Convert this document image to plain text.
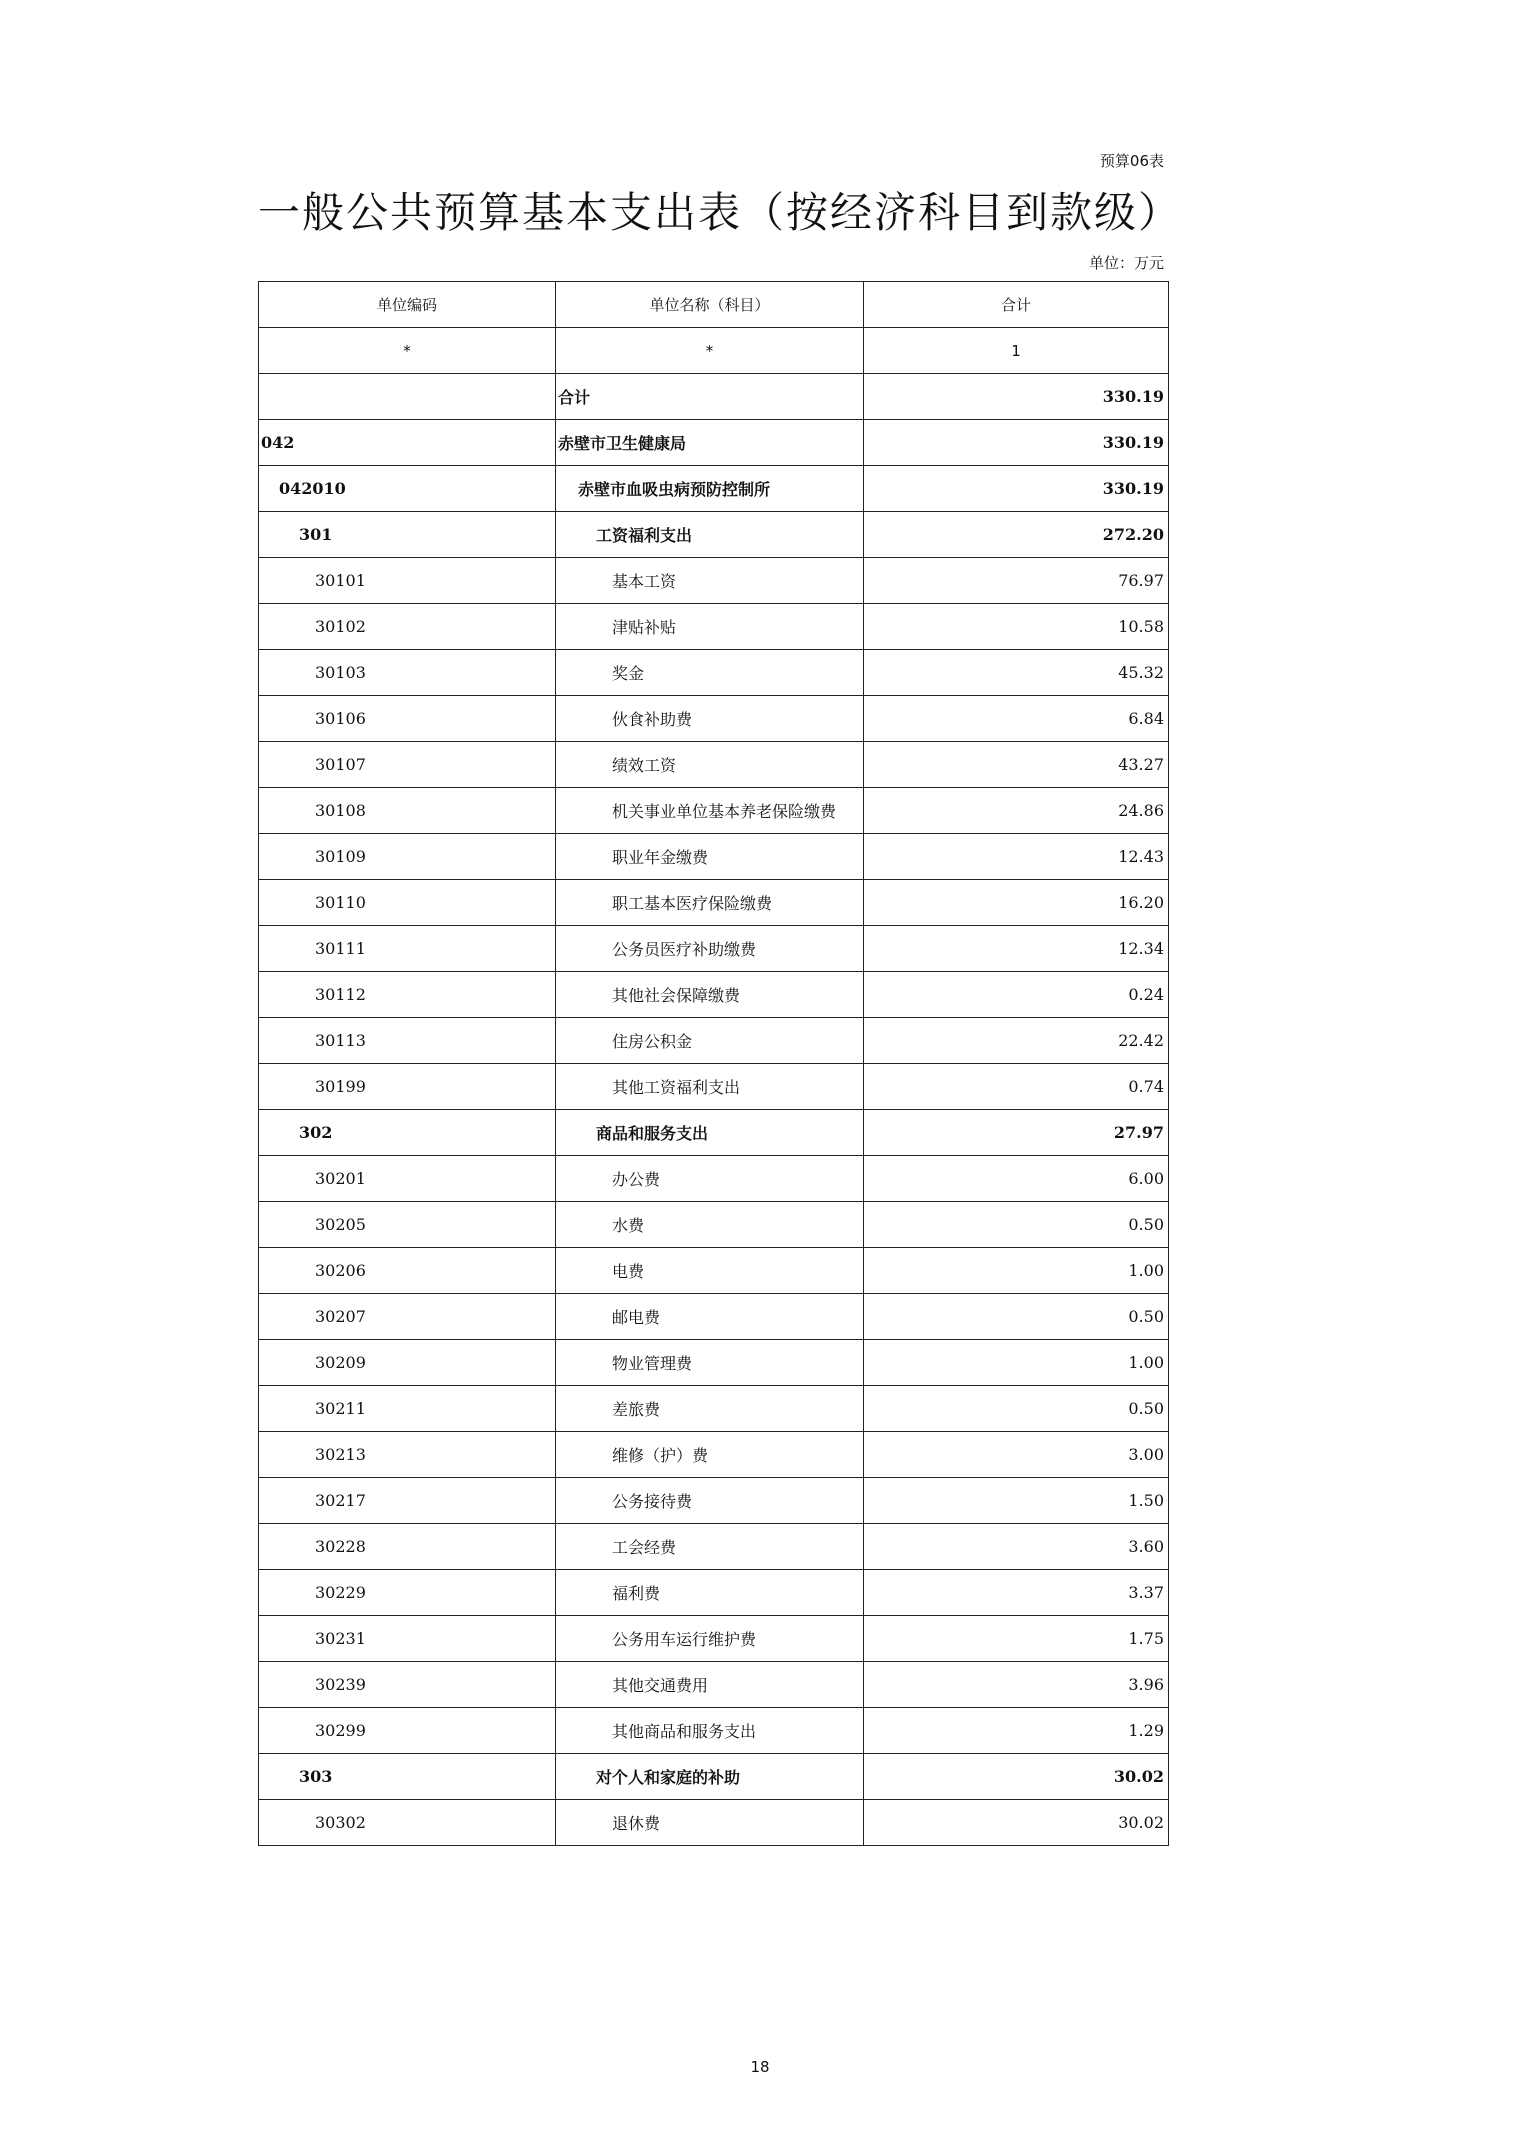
预算06表
一般公共预算基本支出表（按经济科目到款级）
单位：万元
单位编码	单位名称（科目）	合计
*	*	1
	合计	330.19
042	赤壁市卫生健康局	330.19
042010	赤壁市血吸虫病预防控制所	330.19
301	工资福利支出	272.20
30101	基本工资	76.97
30102	津贴补贴	10.58
30103	奖金	45.32
30106	伙食补助费	6.84
30107	绩效工资	43.27
30108	机关事业单位基本养老保险缴费	24.86
30109	职业年金缴费	12.43
30110	职工基本医疗保险缴费	16.20
30111	公务员医疗补助缴费	12.34
30112	其他社会保障缴费	0.24
30113	住房公积金	22.42
30199	其他工资福利支出	0.74
302	商品和服务支出	27.97
30201	办公费	6.00
30205	水费	0.50
30206	电费	1.00
30207	邮电费	0.50
30209	物业管理费	1.00
30211	差旅费	0.50
30213	维修（护）费	3.00
30217	公务接待费	1.50
30228	工会经费	3.60
30229	福利费	3.37
30231	公务用车运行维护费	1.75
30239	其他交通费用	3.96
30299	其他商品和服务支出	1.29
303	对个人和家庭的补助	30.02
30302	退休费	30.02
18
